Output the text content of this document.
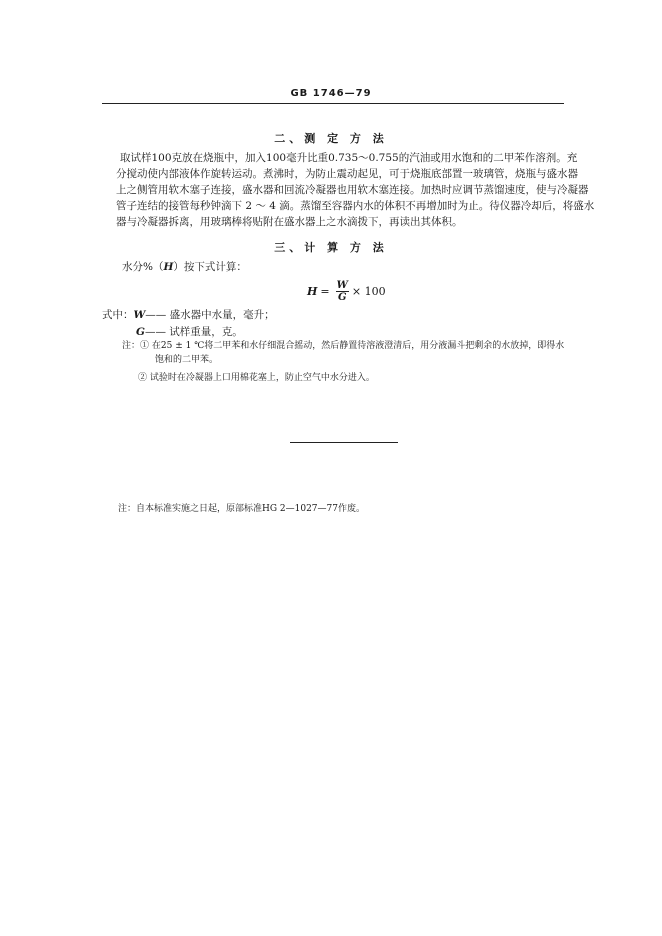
GB 1746—79
二、测 定 方 法

取试样100克放在烧瓶中，加入100毫升比重0.735～0.755的汽油或用水饱和的二甲苯作溶剂。充

分搅动使内部液体作旋转运动。煮沸时，为防止震动起见，可于烧瓶底部置一玻璃管，烧瓶与盛水器

上之侧管用软木塞子连接，盛水器和回流冷凝器也用软木塞连接。加热时应调节蒸馏速度，使与冷凝器

管子连结的接管每秒钟滴下 2 ～ 4 滴。蒸馏至容器内水的体积不再增加时为止。待仪器冷却后，将盛水

器与冷凝器拆离，用玻璃棒将贴附在盛水器上之水滴拨下，再读出其体积。

三、计 算 方 法
水分%（H）按下式计算：
$H = \frac{W}{G} \times 100$
式中：W—— 盛水器中水量，毫升；
G—— 试样重量，克。
注：① 在25 ± 1 ℃将二甲苯和水仔细混合摇动，然后静置待溶液澄清后，用分液漏斗把剩余的水放掉，即得水
饱和的二甲苯。
② 试验时在冷凝器上口用棉花塞上，防止空气中水分进入。
注：自本标准实施之日起，原部标准HG 2—1027—77作废。
